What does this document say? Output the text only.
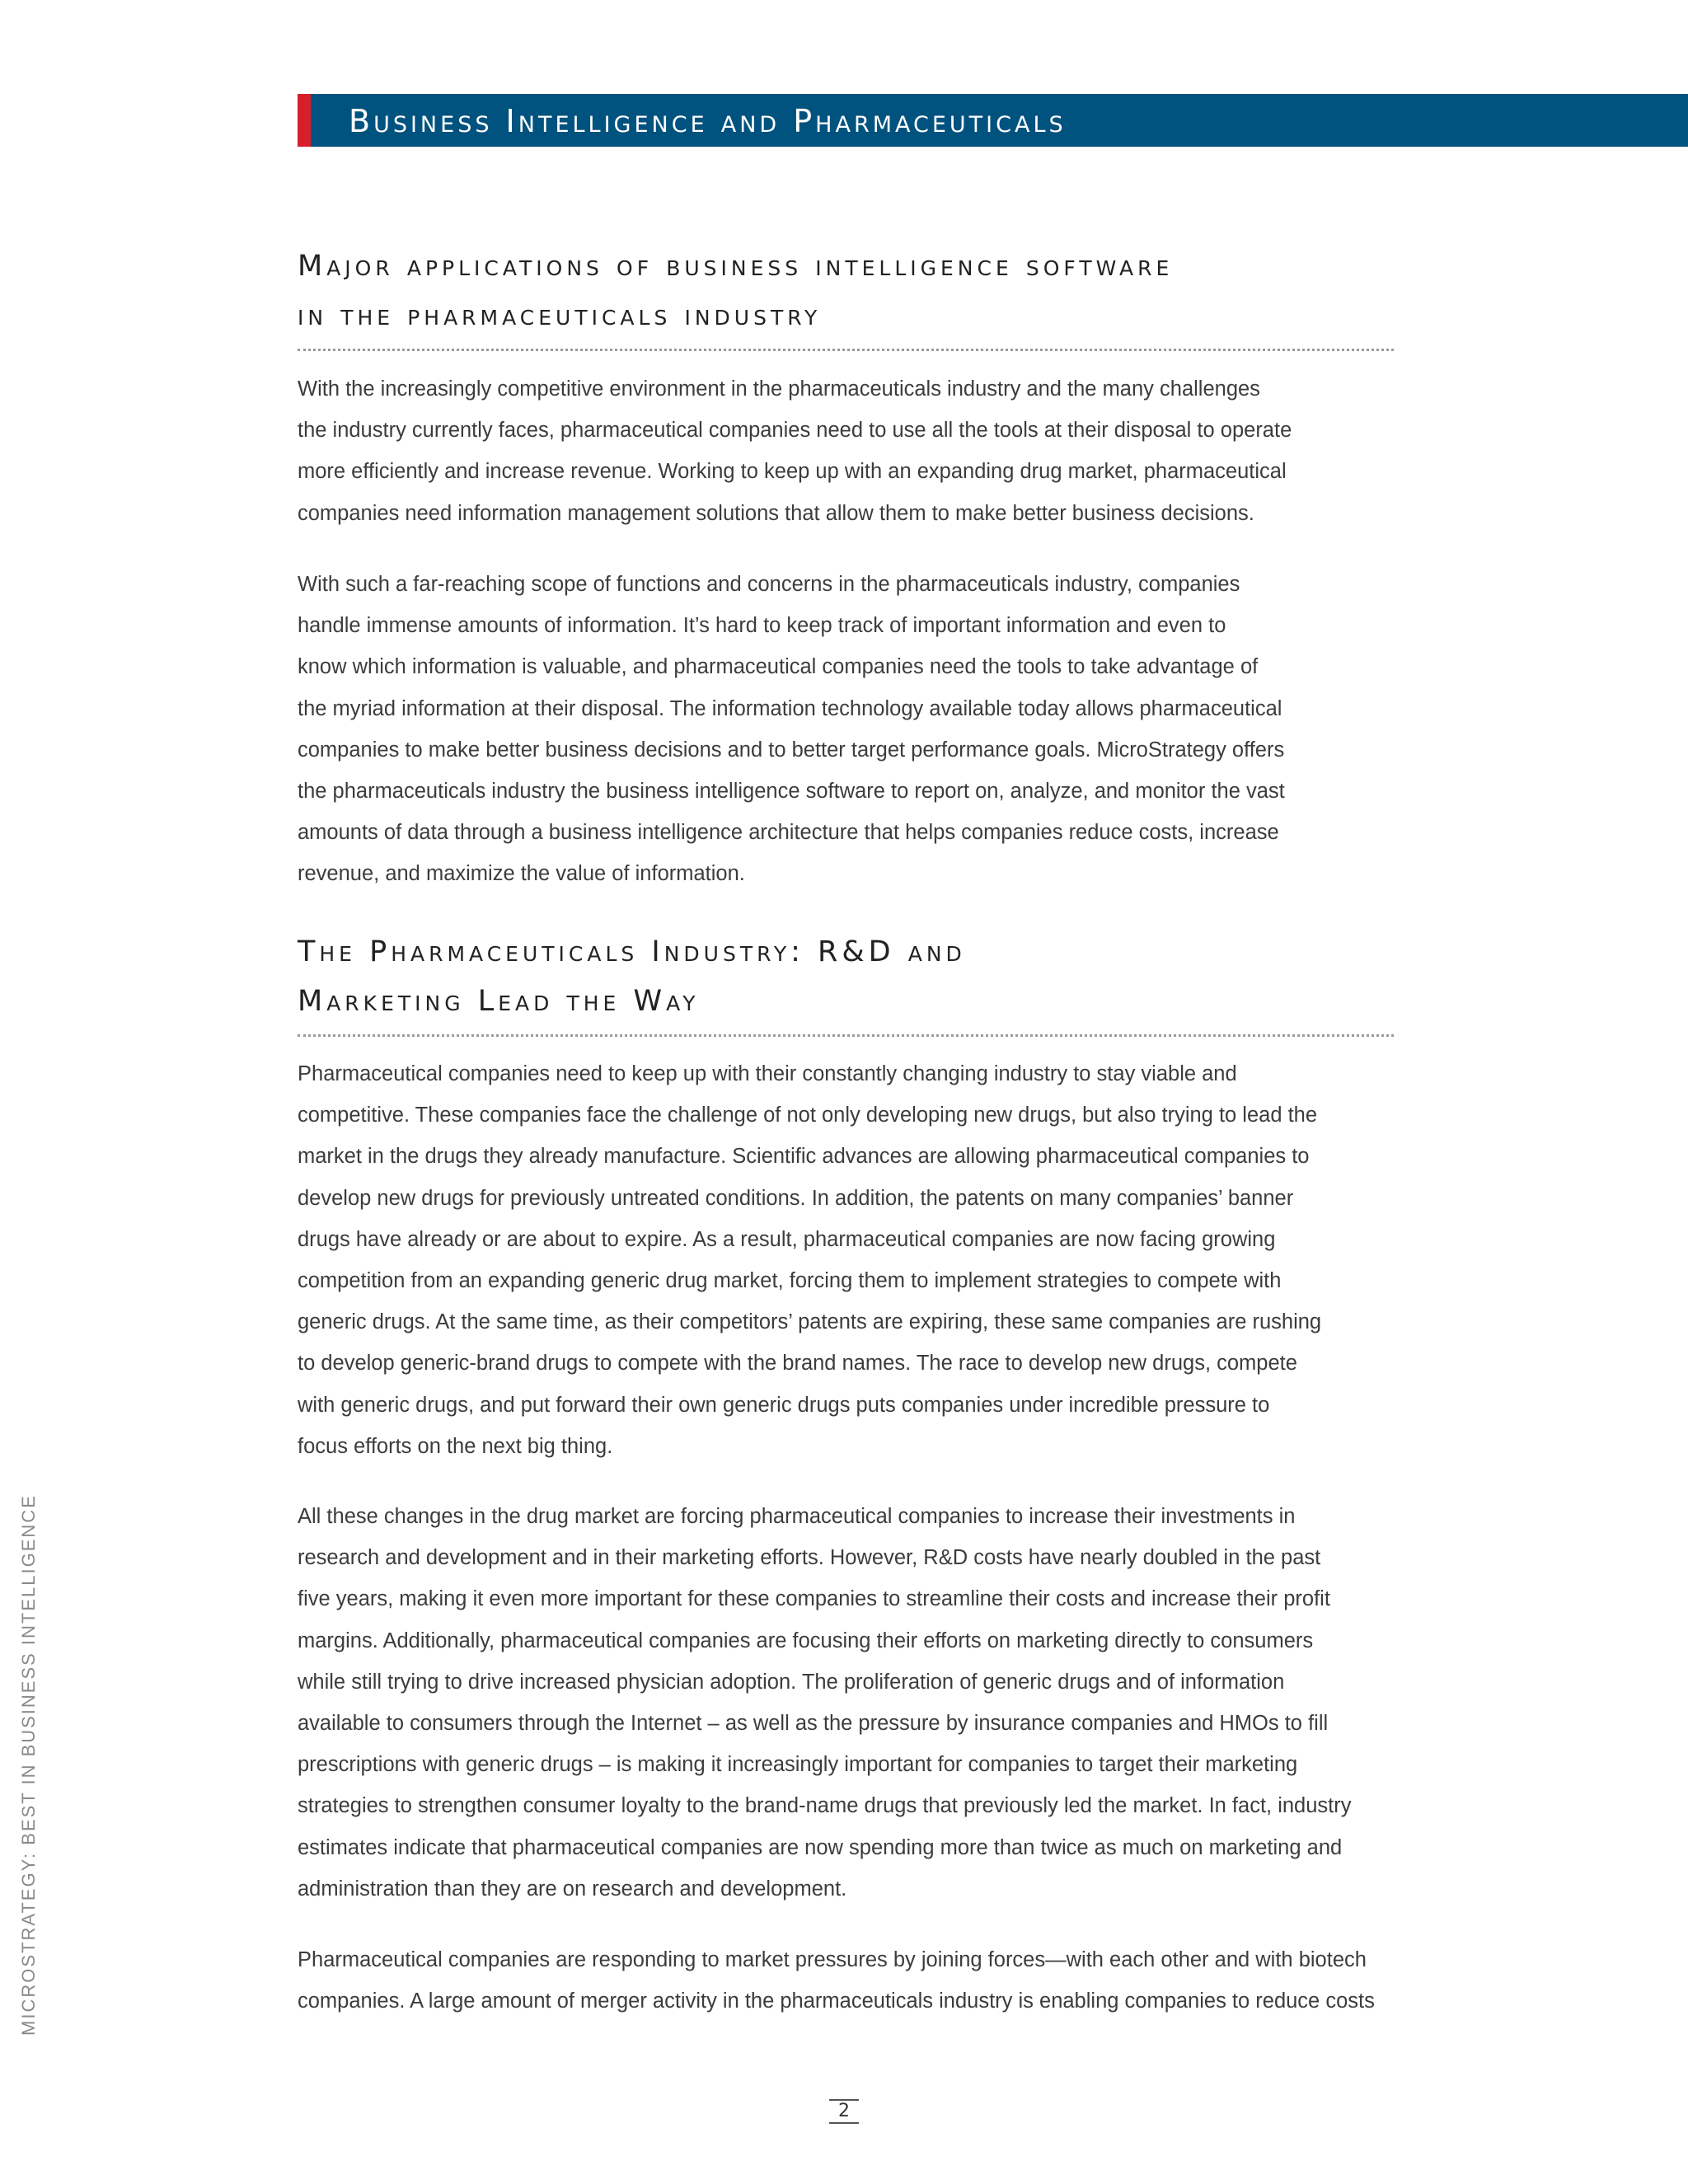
Business Intelligence and Pharmaceuticals
Major applications of business intelligence software
in the pharmaceuticals industry
With the increasingly competitive environment in the pharmaceuticals industry and the many challenges
the industry currently faces, pharmaceutical companies need to use all the tools at their disposal to operate
more efficiently and increase revenue. Working to keep up with an expanding drug market, pharmaceutical
companies need information management solutions that allow them to make better business decisions.
With such a far-reaching scope of functions and concerns in the pharmaceuticals industry, companies
handle immense amounts of information. It’s hard to keep track of important information and even to
know which information is valuable, and pharmaceutical companies need the tools to take advantage of
the myriad information at their disposal. The information technology available today allows pharmaceutical
companies to make better business decisions and to better target performance goals. MicroStrategy offers
the pharmaceuticals industry the business intelligence software to report on, analyze, and monitor the vast
amounts of data through a business intelligence architecture that helps companies reduce costs, increase
revenue, and maximize the value of information.
The Pharmaceuticals Industry: R&D and
Marketing Lead the Way
Pharmaceutical companies need to keep up with their constantly changing industry to stay viable and
competitive. These companies face the challenge of not only developing new drugs, but also trying to lead the
market in the drugs they already manufacture. Scientific advances are allowing pharmaceutical companies to
develop new drugs for previously untreated conditions. In addition, the patents on many companies’ banner
drugs have already or are about to expire. As a result, pharmaceutical companies are now facing growing
competition from an expanding generic drug market, forcing them to implement strategies to compete with
generic drugs. At the same time, as their competitors’ patents are expiring, these same companies are rushing
to develop generic-brand drugs to compete with the brand names. The race to develop new drugs, compete
with generic drugs, and put forward their own generic drugs puts companies under incredible pressure to
focus efforts on the next big thing.
All these changes in the drug market are forcing pharmaceutical companies to increase their investments in
research and development and in their marketing efforts. However, R&D costs have nearly doubled in the past
five years, making it even more important for these companies to streamline their costs and increase their profit
margins. Additionally, pharmaceutical companies are focusing their efforts on marketing directly to consumers
while still trying to drive increased physician adoption. The proliferation of generic drugs and of information
available to consumers through the Internet – as well as the pressure by insurance companies and HMOs to fill
prescriptions with generic drugs – is making it increasingly important for companies to target their marketing
strategies to strengthen consumer loyalty to the brand-name drugs that previously led the market. In fact, industry
estimates indicate that pharmaceutical companies are now spending more than twice as much on marketing and
administration than they are on research and development.
Pharmaceutical companies are responding to market pressures by joining forces—with each other and with biotech
companies. A large amount of merger activity in the pharmaceuticals industry is enabling companies to reduce costs
MICROSTRATEGY: BEST IN BUSINESS INTELLIGENCE
2
